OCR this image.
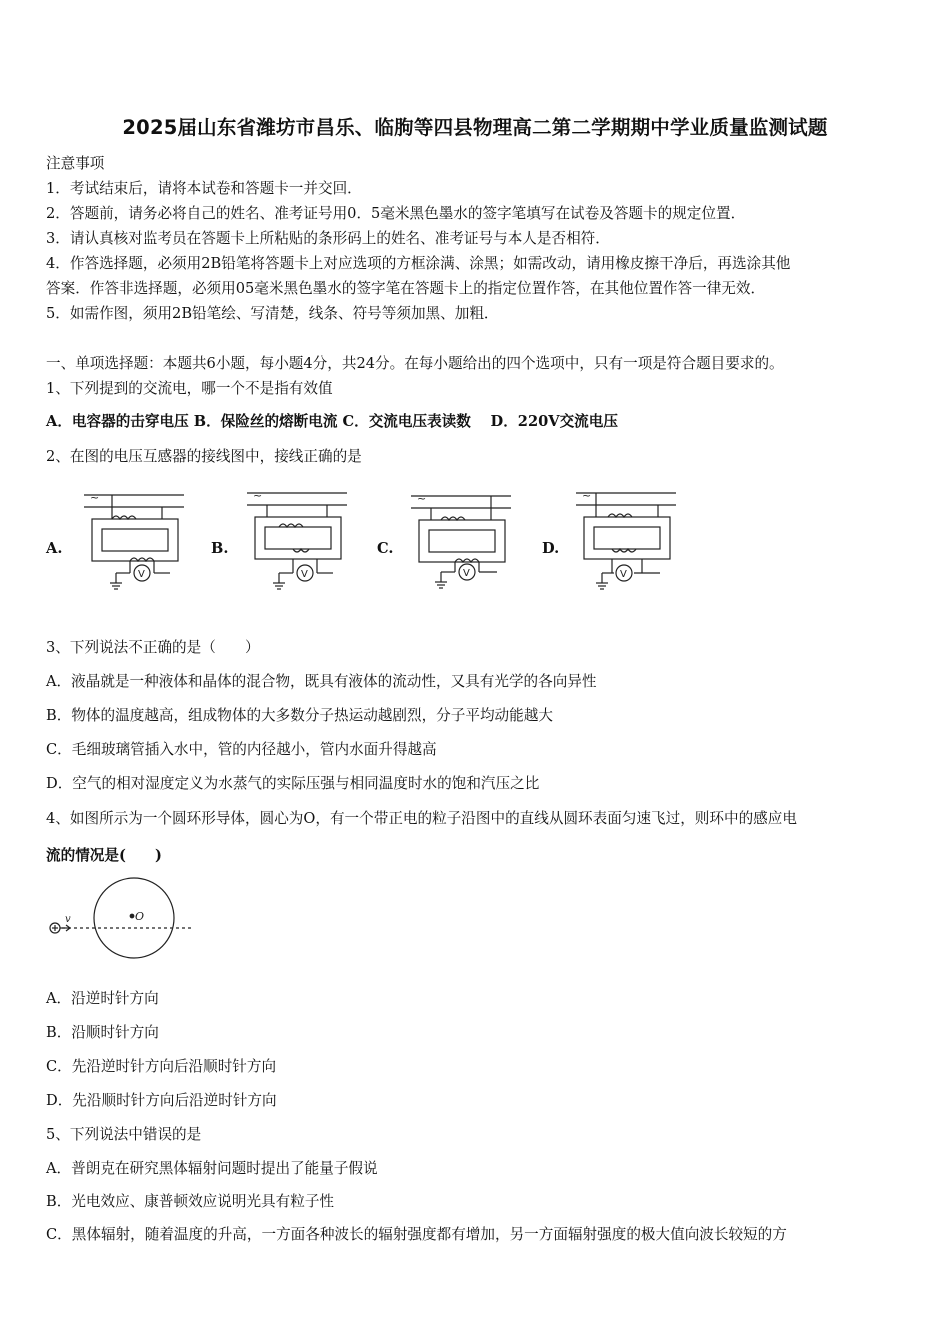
2025届山东省潍坊市昌乐、临朐等四县物理高二第二学期期中学业质量监测试题
注意事项
1．考试结束后，请将本试卷和答题卡一并交回．
2．答题前，请务必将自己的姓名、准考证号用0．5毫米黑色墨水的签字笔填写在试卷及答题卡的规定位置．
3．请认真核对监考员在答题卡上所粘贴的条形码上的姓名、准考证号与本人是否相符．
4．作答选择题，必须用2B铅笔将答题卡上对应选项的方框涂满、涂黑；如需改动，请用橡皮擦干净后，再选涂其他
答案．作答非选择题，必须用05毫米黑色墨水的签字笔在答题卡上的指定位置作答，在其他位置作答一律无效．
5．如需作图，须用2B铅笔绘、写清楚，线条、符号等须加黑、加粗．
一、单项选择题：本题共6小题，每小题4分，共24分。在每小题给出的四个选项中，只有一项是符合题目要求的。
1、下列提到的交流电，哪一个不是指有效值
A．电容器的击穿电压 B．保险丝的熔断电流 C．交流电压表读数　 D．220V交流电压
2、在图的电压互感器的接线图中，接线正确的是
A.	B.	C.	D.
~
V
~
V
~
V
~
V
3、下列说法不正确的是（　　）
A．液晶就是一种液体和晶体的混合物，既具有液体的流动性，又具有光学的各向异性
B．物体的温度越高，组成物体的大多数分子热运动越剧烈，分子平均动能越大
C．毛细玻璃管插入水中，管的内径越小，管内水面升得越高
D．空气的相对湿度定义为水蒸气的实际压强与相同温度时水的饱和汽压之比
4、如图所示为一个圆环形导体，圆心为O，有一个带正电的粒子沿图中的直线从圆环表面匀速飞过，则环中的感应电
流的情况是(　　)
O
v
A．沿逆时针方向
B．沿顺时针方向
C．先沿逆时针方向后沿顺时针方向
D．先沿顺时针方向后沿逆时针方向
5、下列说法中错误的是
A．普朗克在研究黑体辐射问题时提出了能量子假说
B．光电效应、康普顿效应说明光具有粒子性
C．黑体辐射，随着温度的升高，一方面各种波长的辐射强度都有增加，另一方面辐射强度的极大值向波长较短的方
